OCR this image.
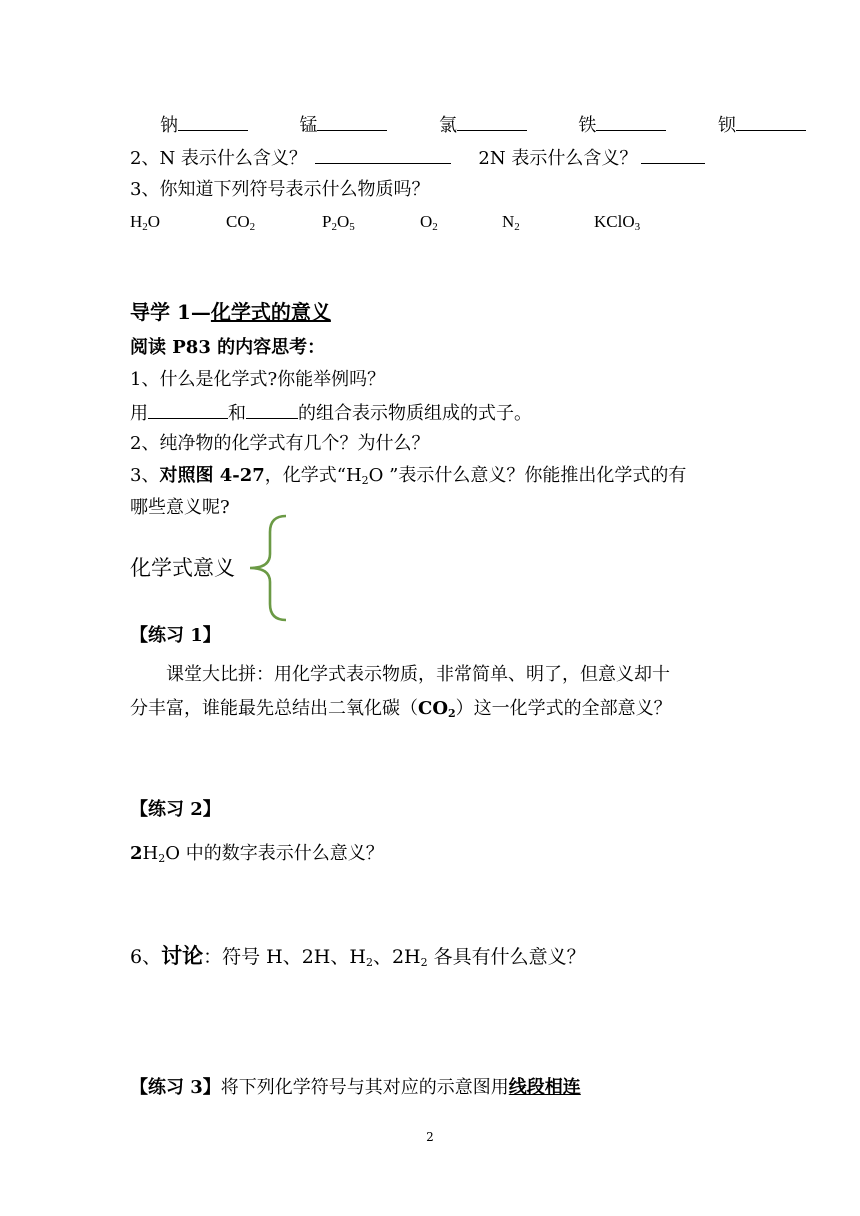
钠	锰	氯	铁	钡
2、N 表示什么含义？	2N 表示什么含义？
3、你知道下列符号表示什么物质吗？
$H_2O$	$CO_2$	$P_2O_5$	$O_2$	$N_2$	KClO$_3$
导学 1—化学式的意义
阅读 P83 的内容思考：
1、什么是化学式?你能举例吗？
用	和	的组合表示物质组成的式子。
2、纯净物的化学式有几个？为什么？
3、对照图 4-27，化学式“$H_2O$ ”表示什么意义？你能推出化学式的有
哪些意义呢?
化学式意义
【练习 1】
课堂大比拼：用化学式表示物质，非常简单、明了，但意义却十
分丰富，谁能最先总结出二氧化碳$(CO_2)$这一化学式的全部意义？
【练习 2】
$2H_2O$ 中的数字表示什么意义？
6、讨论：符号 H、2H、$H_2$、$2H_2$ 各具有什么意义？
【练习 3】将下列化学符号与其对应的示意图用线段相连
2
